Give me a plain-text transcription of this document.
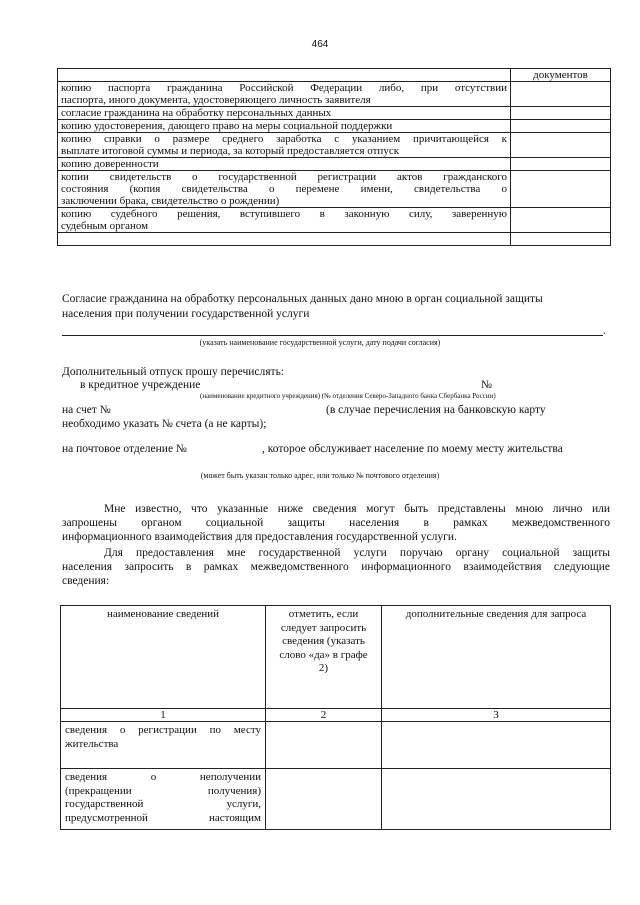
464
	документов

копию паспорта гражданина Российской Федерации либо, при отсутствии
паспорта, иного документа, удостоверяющего личность заявителя	

согласие гражданина на обработку персональных данных	

копию удостоверения, дающего право на меры социальной поддержки	

копию справки о размере среднего заработка с указанием причитающейся к
выплате итоговой суммы и периода, за который предоставляется отпуск	

копию доверенности	

копии свидетельств о государственной регистрации актов гражданского
состояния (копия свидетельства о перемене имени, свидетельства о
заключении брака, свидетельство о рождении)	

копию судебного решения, вступившего в законную силу, заверенную
судебным органом	

Согласие гражданина на обработку персональных данных дано мною в орган социальной защиты
населения при получении государственной услуги
.
(указать наименование государственной услуги, дату подачи согласия)
Дополнительный отпуск прошу перечислять:
в кредитное учреждение	№
(наименование кредитного учреждения) (№ отделения Северо-Западного банка Сбербанка России)
на счет №	(в случае перечисления на банковскую карту
необходимо указать № счета (а не карты);
на почтовое отделение №	, которое обслуживает население по моему месту жительства
(может быть указан только адрес, или только № почтового отделения)
Мне известно, что указанные ниже сведения могут быть представлены мною лично или
запрошены органом социальной защиты населения в рамках межведомственного
информационного взаимодействия для предоставления государственной услуги.
Для предоставления мне государственной услуги поручаю органу социальной защиты
населения запросить в рамках межведомственного информационного взаимодействия следующие
сведения:
наименование сведений	отметить, если следует запросить сведения (указать слово «да» в графе 2)	дополнительные сведения для запроса
1	2	3

сведения о регистрации по месту
жительства		

сведения о неполучении
(прекращении получения)
государственной услуги,
предусмотренной настоящим		
